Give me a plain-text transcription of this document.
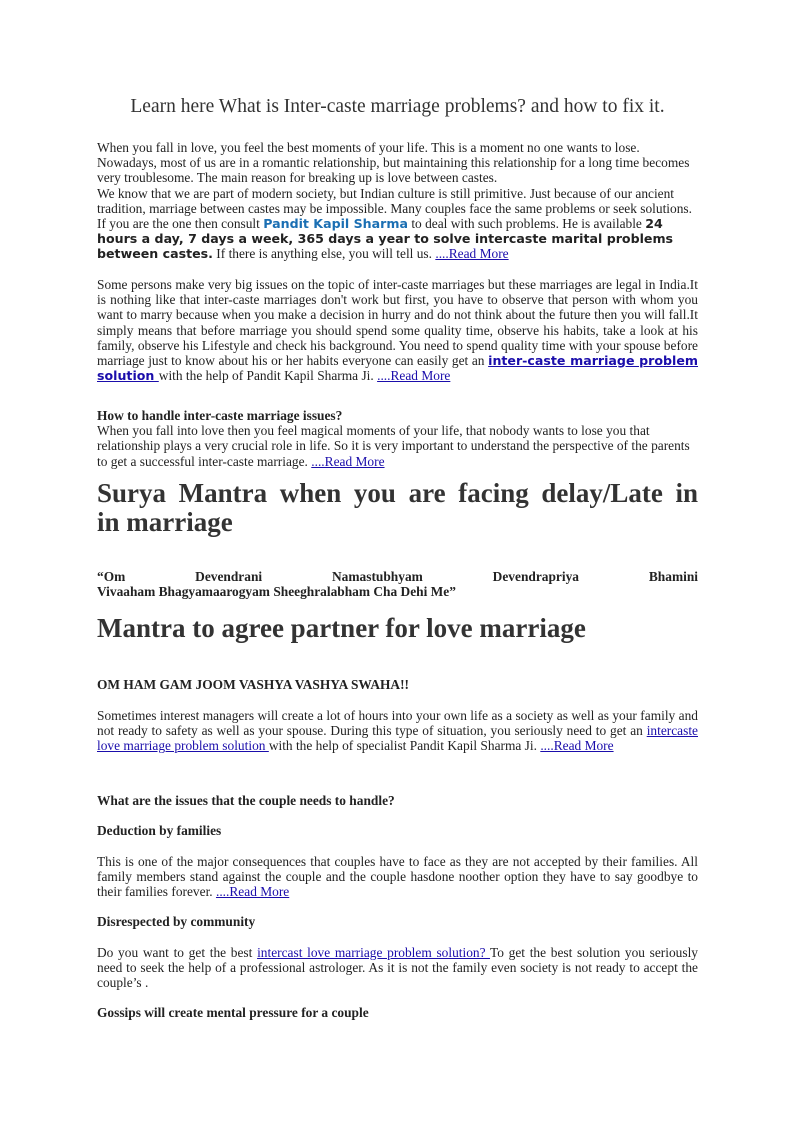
Learn here What is Inter-caste marriage problems? and how to fix it.

When you fall in love, you feel the best moments of your life. This is a moment no one wants to lose. Nowadays, most of us are in a romantic relationship, but maintaining this relationship for a long time becomes very troublesome. The main reason for breaking up is love between castes.
We know that we are part of modern society, but Indian culture is still primitive. Just because of our ancient tradition, marriage between castes may be impossible. Many couples face the same problems or seek solutions. If you are the one then consult Pandit Kapil Sharma to deal with such problems. He is available 24 hours a day, 7 days a week, 365 days a year to solve intercaste marital problems between castes. If there is anything else, you will tell us. ....Read More

Some persons make very big issues on the topic of inter-caste marriages but these marriages are legal in India.It is nothing like that inter-caste marriages don't work but first, you have to observe that person with whom you want to marry because when you make a decision in hurry and do not think about the future then you will fall.It simply means that before marriage you should spend some quality time, observe his habits, take a look at his family, observe his Lifestyle and check his background. You need to spend quality time with your spouse before marriage just to know about his or her habits everyone can easily get an inter-caste marriage problem solution with the help of Pandit Kapil Sharma Ji. ....Read More

How to handle inter-caste marriage issues?
When you fall into love then you feel magical moments of your life, that nobody wants to lose you that relationship plays a very crucial role in life. So it is very important to understand the perspective of the parents to get a successful inter-caste marriage. ....Read More

Surya Mantra when you are facing delay/Late in
in marriage

“Om Devendrani Namastubhyam Devendrapriya Bhamini

Vivaaham Bhagyamaarogyam Sheeghralabham Cha Dehi Me”

Mantra to agree partner for love marriage

OM HAM GAM JOOM VASHYA VASHYA SWAHA!!

Sometimes interest managers will create a lot of hours into your own life as a society as well as your family and not ready to safety as well as your spouse. During this type of situation, you seriously need to get an intercaste love marriage problem solution with the help of specialist Pandit Kapil Sharma Ji. ....Read More

What are the issues that the couple needs to handle?

Deduction by families

This is one of the major consequences that couples have to face as they are not accepted by their families. All family members stand against the couple and the couple hasdone noother option they have to say goodbye to their families forever. ....Read More

Disrespected by community

Do you want to get the best intercast love marriage problem solution? To get the best solution you seriously need to seek the help of a professional astrologer. As it is not the family even society is not ready to accept the couple’s .

Gossips will create mental pressure for a couple
